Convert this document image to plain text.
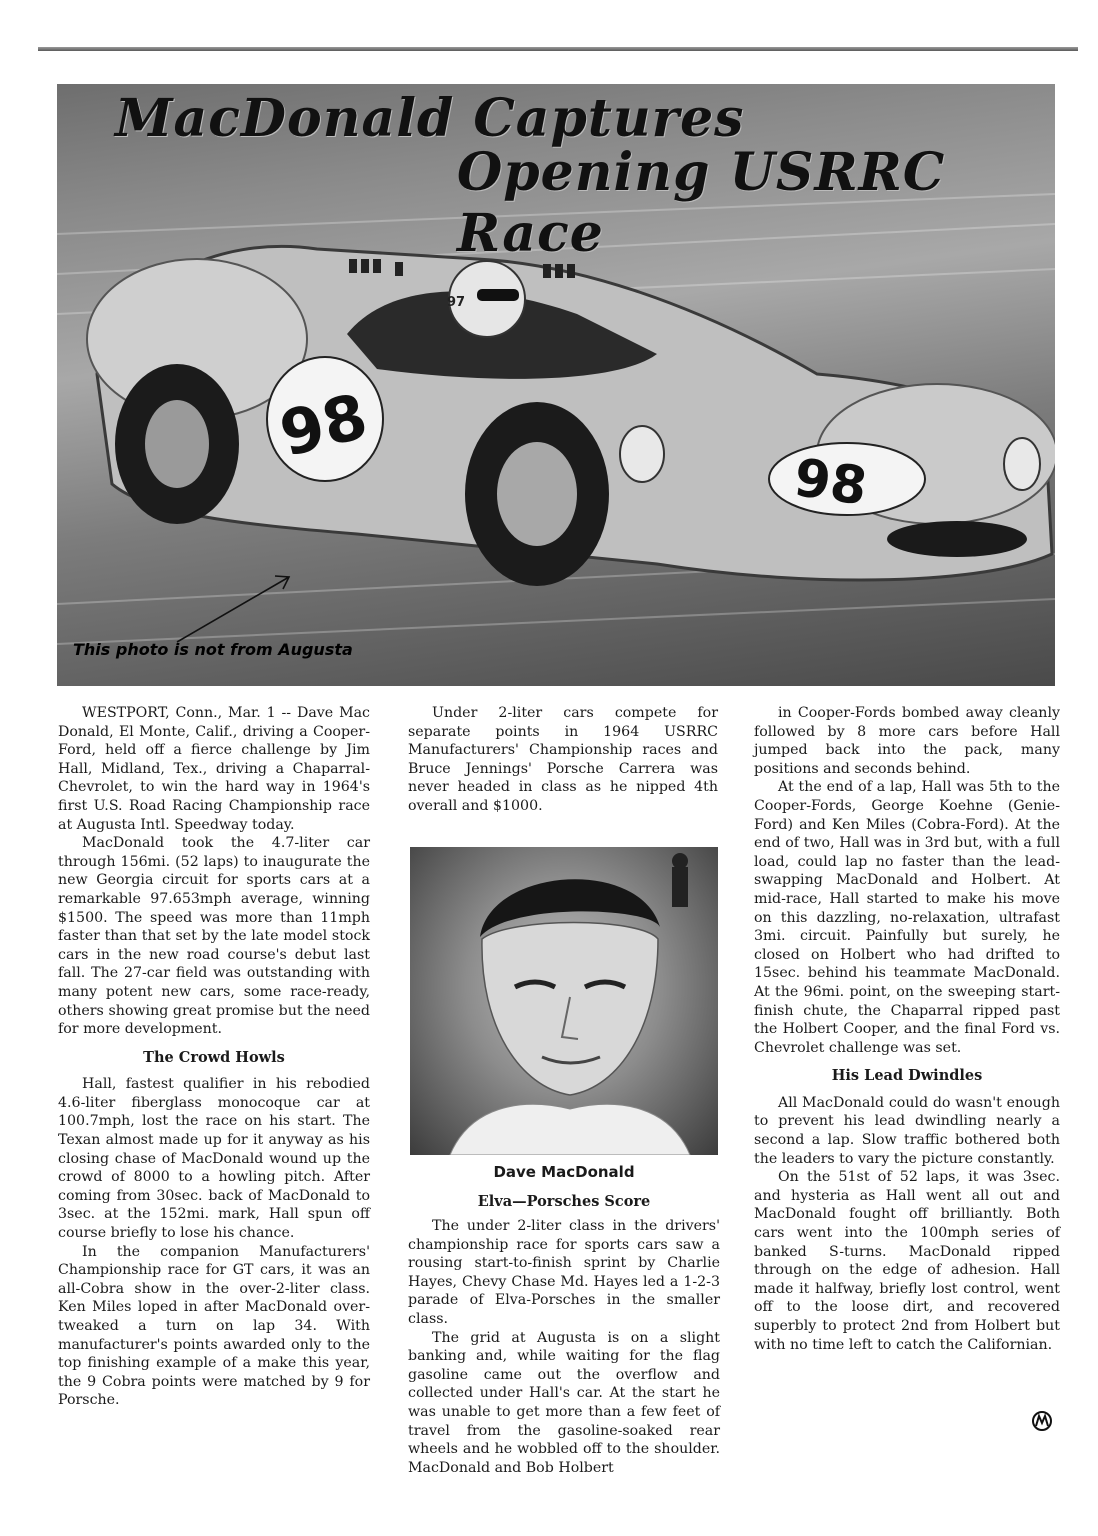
97
98
98
MacDonald Captures
Opening USRRC Race
This photo is not from Augusta

WESTPORT, Conn., Mar. 1 -- Dave Mac Donald, El Monte, Calif., driving a Cooper-Ford, held off a fierce challenge by Jim Hall, Midland, Tex., driving a Chaparral-Chevrolet, to win the hard way in 1964's first U.S. Road Racing Championship race at Augusta Intl. Speedway today.

MacDonald took the 4.7-liter car through 156mi. (52 laps) to inaugurate the new Georgia circuit for sports cars at a remarkable 97.653mph average, winning $1500. The speed was more than 11mph faster than that set by the late model stock cars in the new road course's debut last fall. The 27-car field was outstanding with many potent new cars, some race-ready, others showing great promise but the need for more development.

The Crowd Howls

Hall, fastest qualifier in his rebodied 4.6-liter fiberglass monocoque car at 100.7mph, lost the race on his start. The Texan almost made up for it anyway as his closing chase of MacDonald wound up the crowd of 8000 to a howling pitch. After coming from 30sec. back of MacDonald to 3sec. at the 152mi. mark, Hall spun off course briefly to lose his chance.

In the companion Manufacturers' Championship race for GT cars, it was an all-Cobra show in the over-2-liter class. Ken Miles loped in after MacDonald over-tweaked a turn on lap 34. With manufacturer's points awarded only to the top finishing example of a make this year, the 9 Cobra points were matched by 9 for Porsche.

Under 2-liter cars compete for separate points in 1964 USRRC Manufacturers' Championship races and Bruce Jennings' Porsche Carrera was never headed in class as he nipped 4th overall and $1000.

Dave MacDonald

Elva—Porsches Score

The under 2-liter class in the drivers' championship race for sports cars saw a rousing start-to-finish sprint by Charlie Hayes, Chevy Chase Md. Hayes led a 1-2-3 parade of Elva-Porsches in the smaller class.

The grid at Augusta is on a slight banking and, while waiting for the flag gasoline came out the overflow and collected under Hall's car. At the start he was unable to get more than a few feet of travel from the gasoline-soaked rear wheels and he wobbled off to the shoulder. MacDonald and Bob Holbert

in Cooper-Fords bombed away cleanly followed by 8 more cars before Hall jumped back into the pack, many positions and seconds behind.

At the end of a lap, Hall was 5th to the Cooper-Fords, George Koehne (Genie-Ford) and Ken Miles (Cobra-Ford). At the end of two, Hall was in 3rd but, with a full load, could lap no faster than the lead-swapping MacDonald and Holbert. At mid-race, Hall started to make his move on this dazzling, no-relaxation, ultrafast 3mi. circuit. Painfully but surely, he closed on Holbert who had drifted to 15sec. behind his teammate MacDonald. At the 96mi. point, on the sweeping start-finish chute, the Chaparral ripped past the Holbert Cooper, and the final Ford vs. Chevrolet challenge was set.

His Lead Dwindles

All MacDonald could do wasn't enough to prevent his lead dwindling nearly a second a lap. Slow traffic bothered both the leaders to vary the picture constantly.

On the 51st of 52 laps, it was 3sec. and hysteria as Hall went all out and MacDonald fought off brilliantly. Both cars went into the 100mph series of banked S-turns. MacDonald ripped through on the edge of adhesion. Hall made it halfway, briefly lost control, went off to the loose dirt, and recovered superbly to protect 2nd from Holbert but with no time left to catch the Californian.
